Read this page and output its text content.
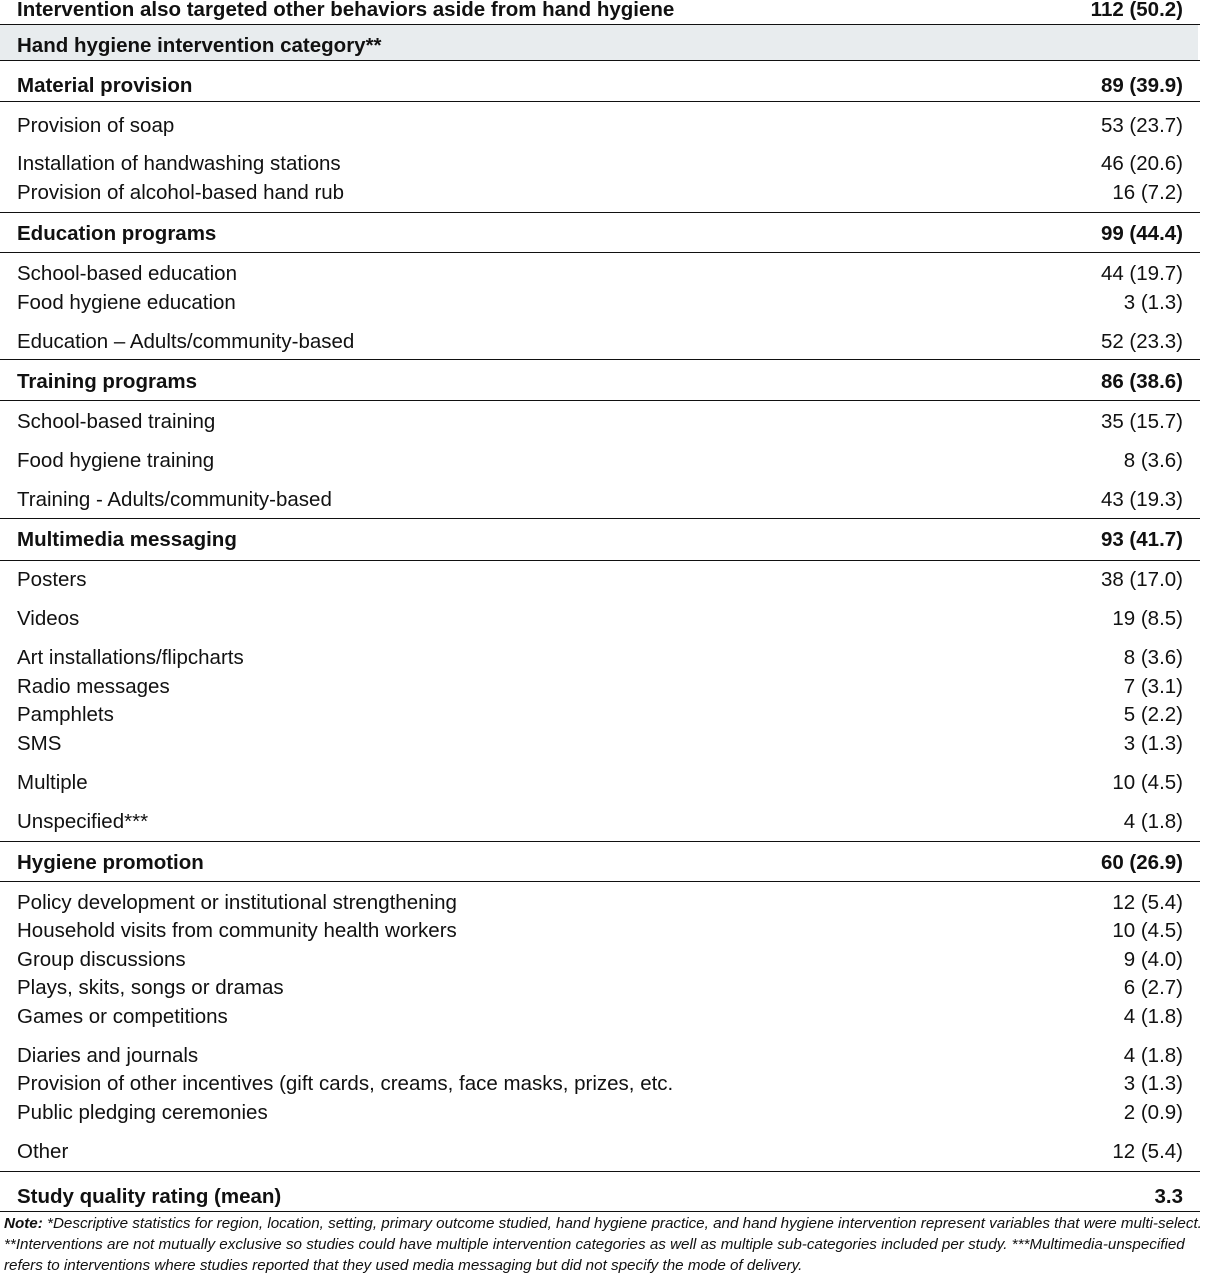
Intervention also targeted other behaviors aside from hand hygiene	112 (50.2)
Hand hygiene intervention category**
Material provision	89 (39.9)
Provision of soap	53 (23.7)
Installation of handwashing stations	46 (20.6)
Provision of alcohol-based hand rub	16 (7.2)
Education programs	99 (44.4)
School-based education	44 (19.7)
Food hygiene education	3 (1.3)
Education – Adults/community-based	52 (23.3)
Training programs	86 (38.6)
School-based training	35 (15.7)
Food hygiene training	8 (3.6)
Training - Adults/community-based	43 (19.3)
Multimedia messaging	93 (41.7)
Posters	38 (17.0)
Videos	19 (8.5)
Art installations/flipcharts	8 (3.6)
Radio messages	7 (3.1)
Pamphlets	5 (2.2)
SMS	3 (1.3)
Multiple	10 (4.5)
Unspecified***	4 (1.8)
Hygiene promotion	60 (26.9)
Policy development or institutional strengthening	12 (5.4)
Household visits from community health workers	10 (4.5)
Group discussions	9 (4.0)
Plays, skits, songs or dramas	6 (2.7)
Games or competitions	4 (1.8)
Diaries and journals	4 (1.8)
Provision of other incentives (gift cards, creams, face masks, prizes, etc.	3 (1.3)
Public pledging ceremonies	2 (0.9)
Other	12 (5.4)
Study quality rating (mean)	3.3
Note: *Descriptive statistics for region, location, setting, primary outcome studied, hand hygiene practice, and hand hygiene intervention represent variables that were multi-select. **Interventions are not mutually exclusive so studies could have multiple intervention categories as well as multiple sub-categories included per study. ***Multimedia-unspecified refers to interventions where studies reported that they used media messaging but did not specify the mode of delivery.
